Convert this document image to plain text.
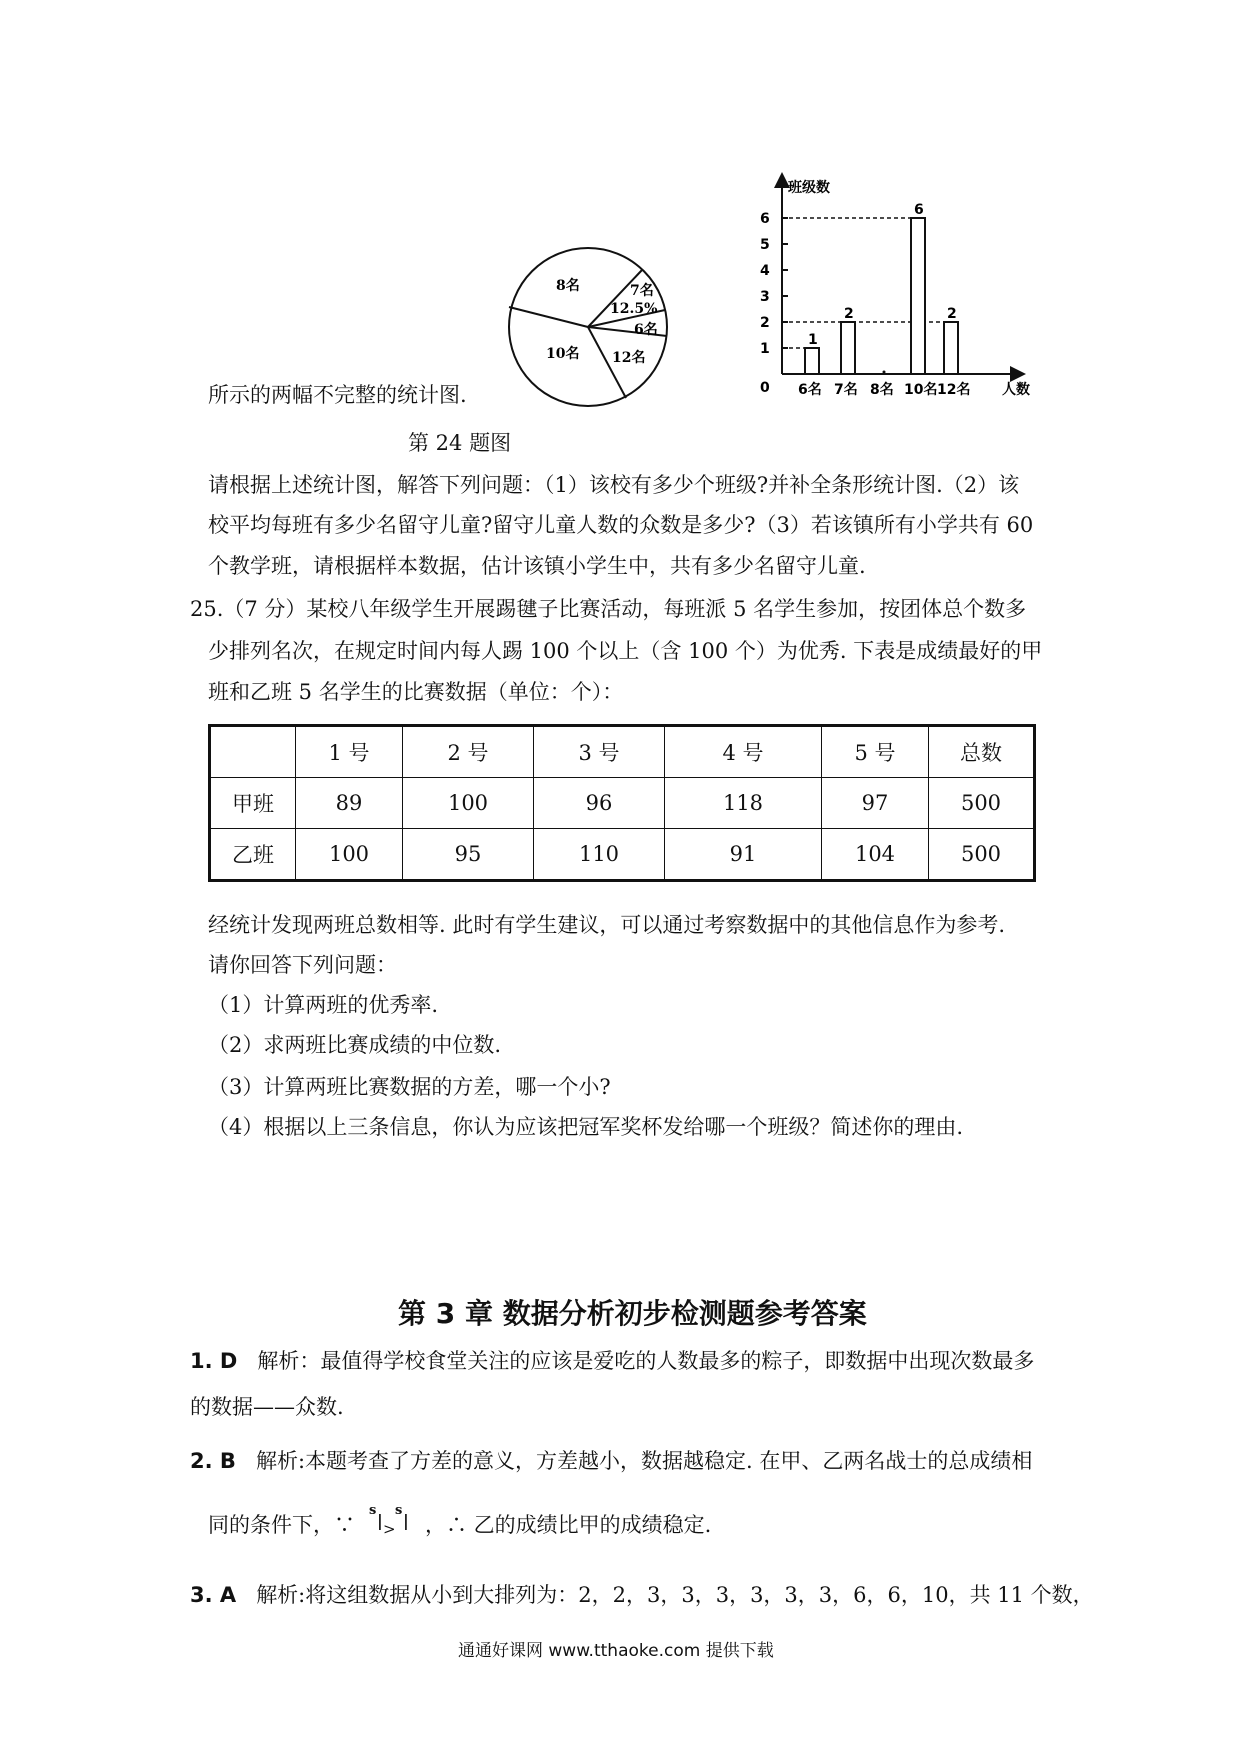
所示的两幅不完整的统计图.
8名	7名
12.5%
6名
12名
10名
班级数
人数
0
1
2
3
4
5
6
6名 7名 8名 10名 12名
1
2
6
2
第 24 题图
请根据上述统计图，解答下列问题：（1）该校有多少个班级?并补全条形统计图.（2）该
校平均每班有多少名留守儿童?留守儿童人数的众数是多少?（3）若该镇所有小学共有 60
个教学班，请根据样本数据，估计该镇小学生中，共有多少名留守儿童.
25.（7 分）某校八年级学生开展踢毽子比赛活动，每班派 5 名学生参加，按团体总个数多
少排列名次，在规定时间内每人踢 100 个以上（含 100 个）为优秀. 下表是成绩最好的甲
班和乙班 5 名学生的比赛数据（单位：个）：
	1 号	2 号	3 号	4 号	5 号	总数
甲班	89	100	96	118	97	500
乙班	100	95	110	91	104	500
经统计发现两班总数相等. 此时有学生建议，可以通过考察数据中的其他信息作为参考.
请你回答下列问题：
（1）计算两班的优秀率.
（2）求两班比赛成绩的中位数.
（3）计算两班比赛数据的方差，哪一个小?
（4）根据以上三条信息，你认为应该把冠军奖杯发给哪一个班级？简述你的理由.
第 3 章 数据分析初步检测题参考答案
1. D 解析：最值得学校食堂关注的应该是爱吃的人数最多的粽子，即数据中出现次数最多
的数据——众数.
2. B 解析:本题考查了方差的意义，方差越小，数据越稳定. 在甲、乙两名战士的总成绩相
同的条件下，∵
s
| >
s
| ，∴ 乙的成绩比甲的成绩稳定.
3. A 解析:将这组数据从小到大排列为：2，2，3，3，3，3，3，3，6，6，10，共 11 个数，
通通好课网 www.tthaoke.com 提供下载
